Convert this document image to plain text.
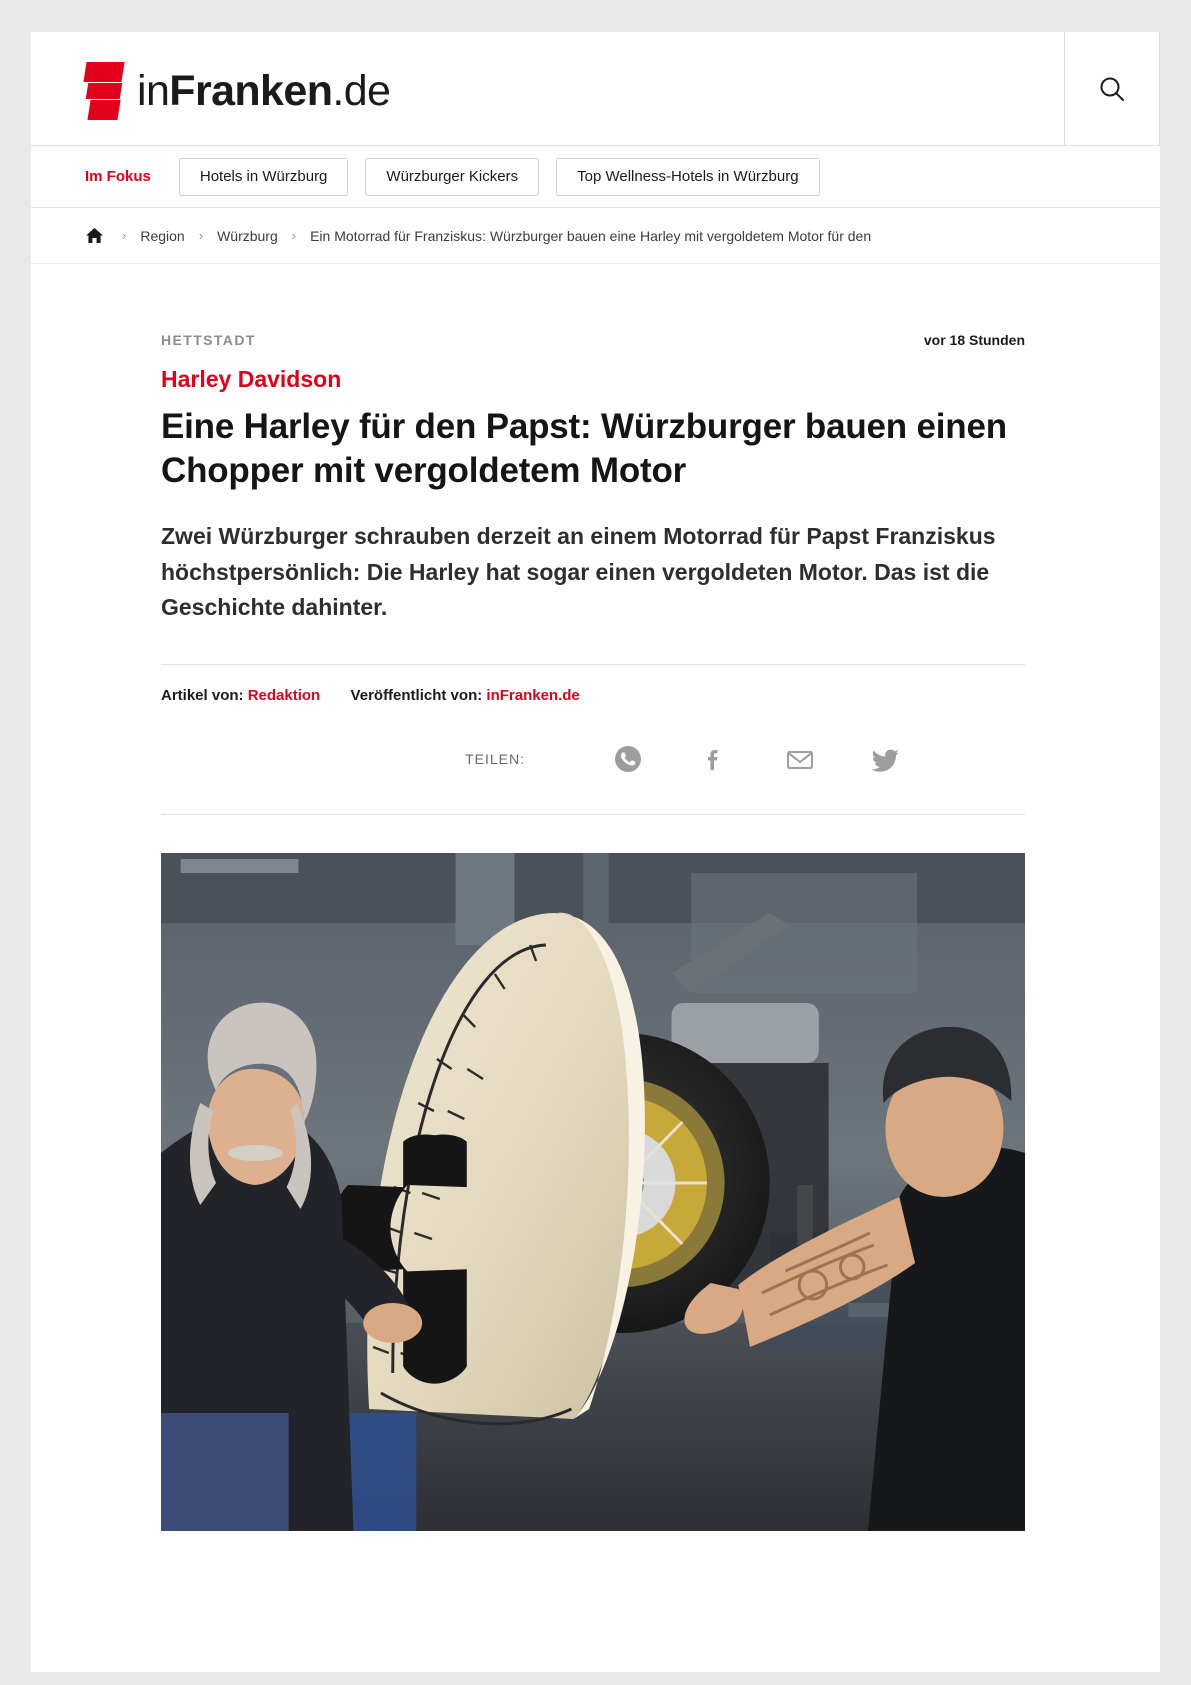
inFranken.de
Im Fokus	Hotels in Würzburg	Würzburger Kickers	Top Wellness-Hotels in Würzburg
› Region › Würzburg › Ein Motorrad für Franziskus: Würzburger bauen eine Harley mit vergoldetem Motor für den
HETTSTADT	vor 18 Stunden
Harley Davidson
Eine Harley für den Papst: Würzburger bauen einen Chopper mit vergoldetem Motor

Zwei Würzburger schrauben derzeit an einem Motorrad für Papst Franziskus höchstpersönlich: Die Harley hat sogar einen vergoldeten Motor. Das ist die Geschichte dahinter.

Artikel von: Redaktion Veröffentlicht von: inFranken.de
TEILEN:
